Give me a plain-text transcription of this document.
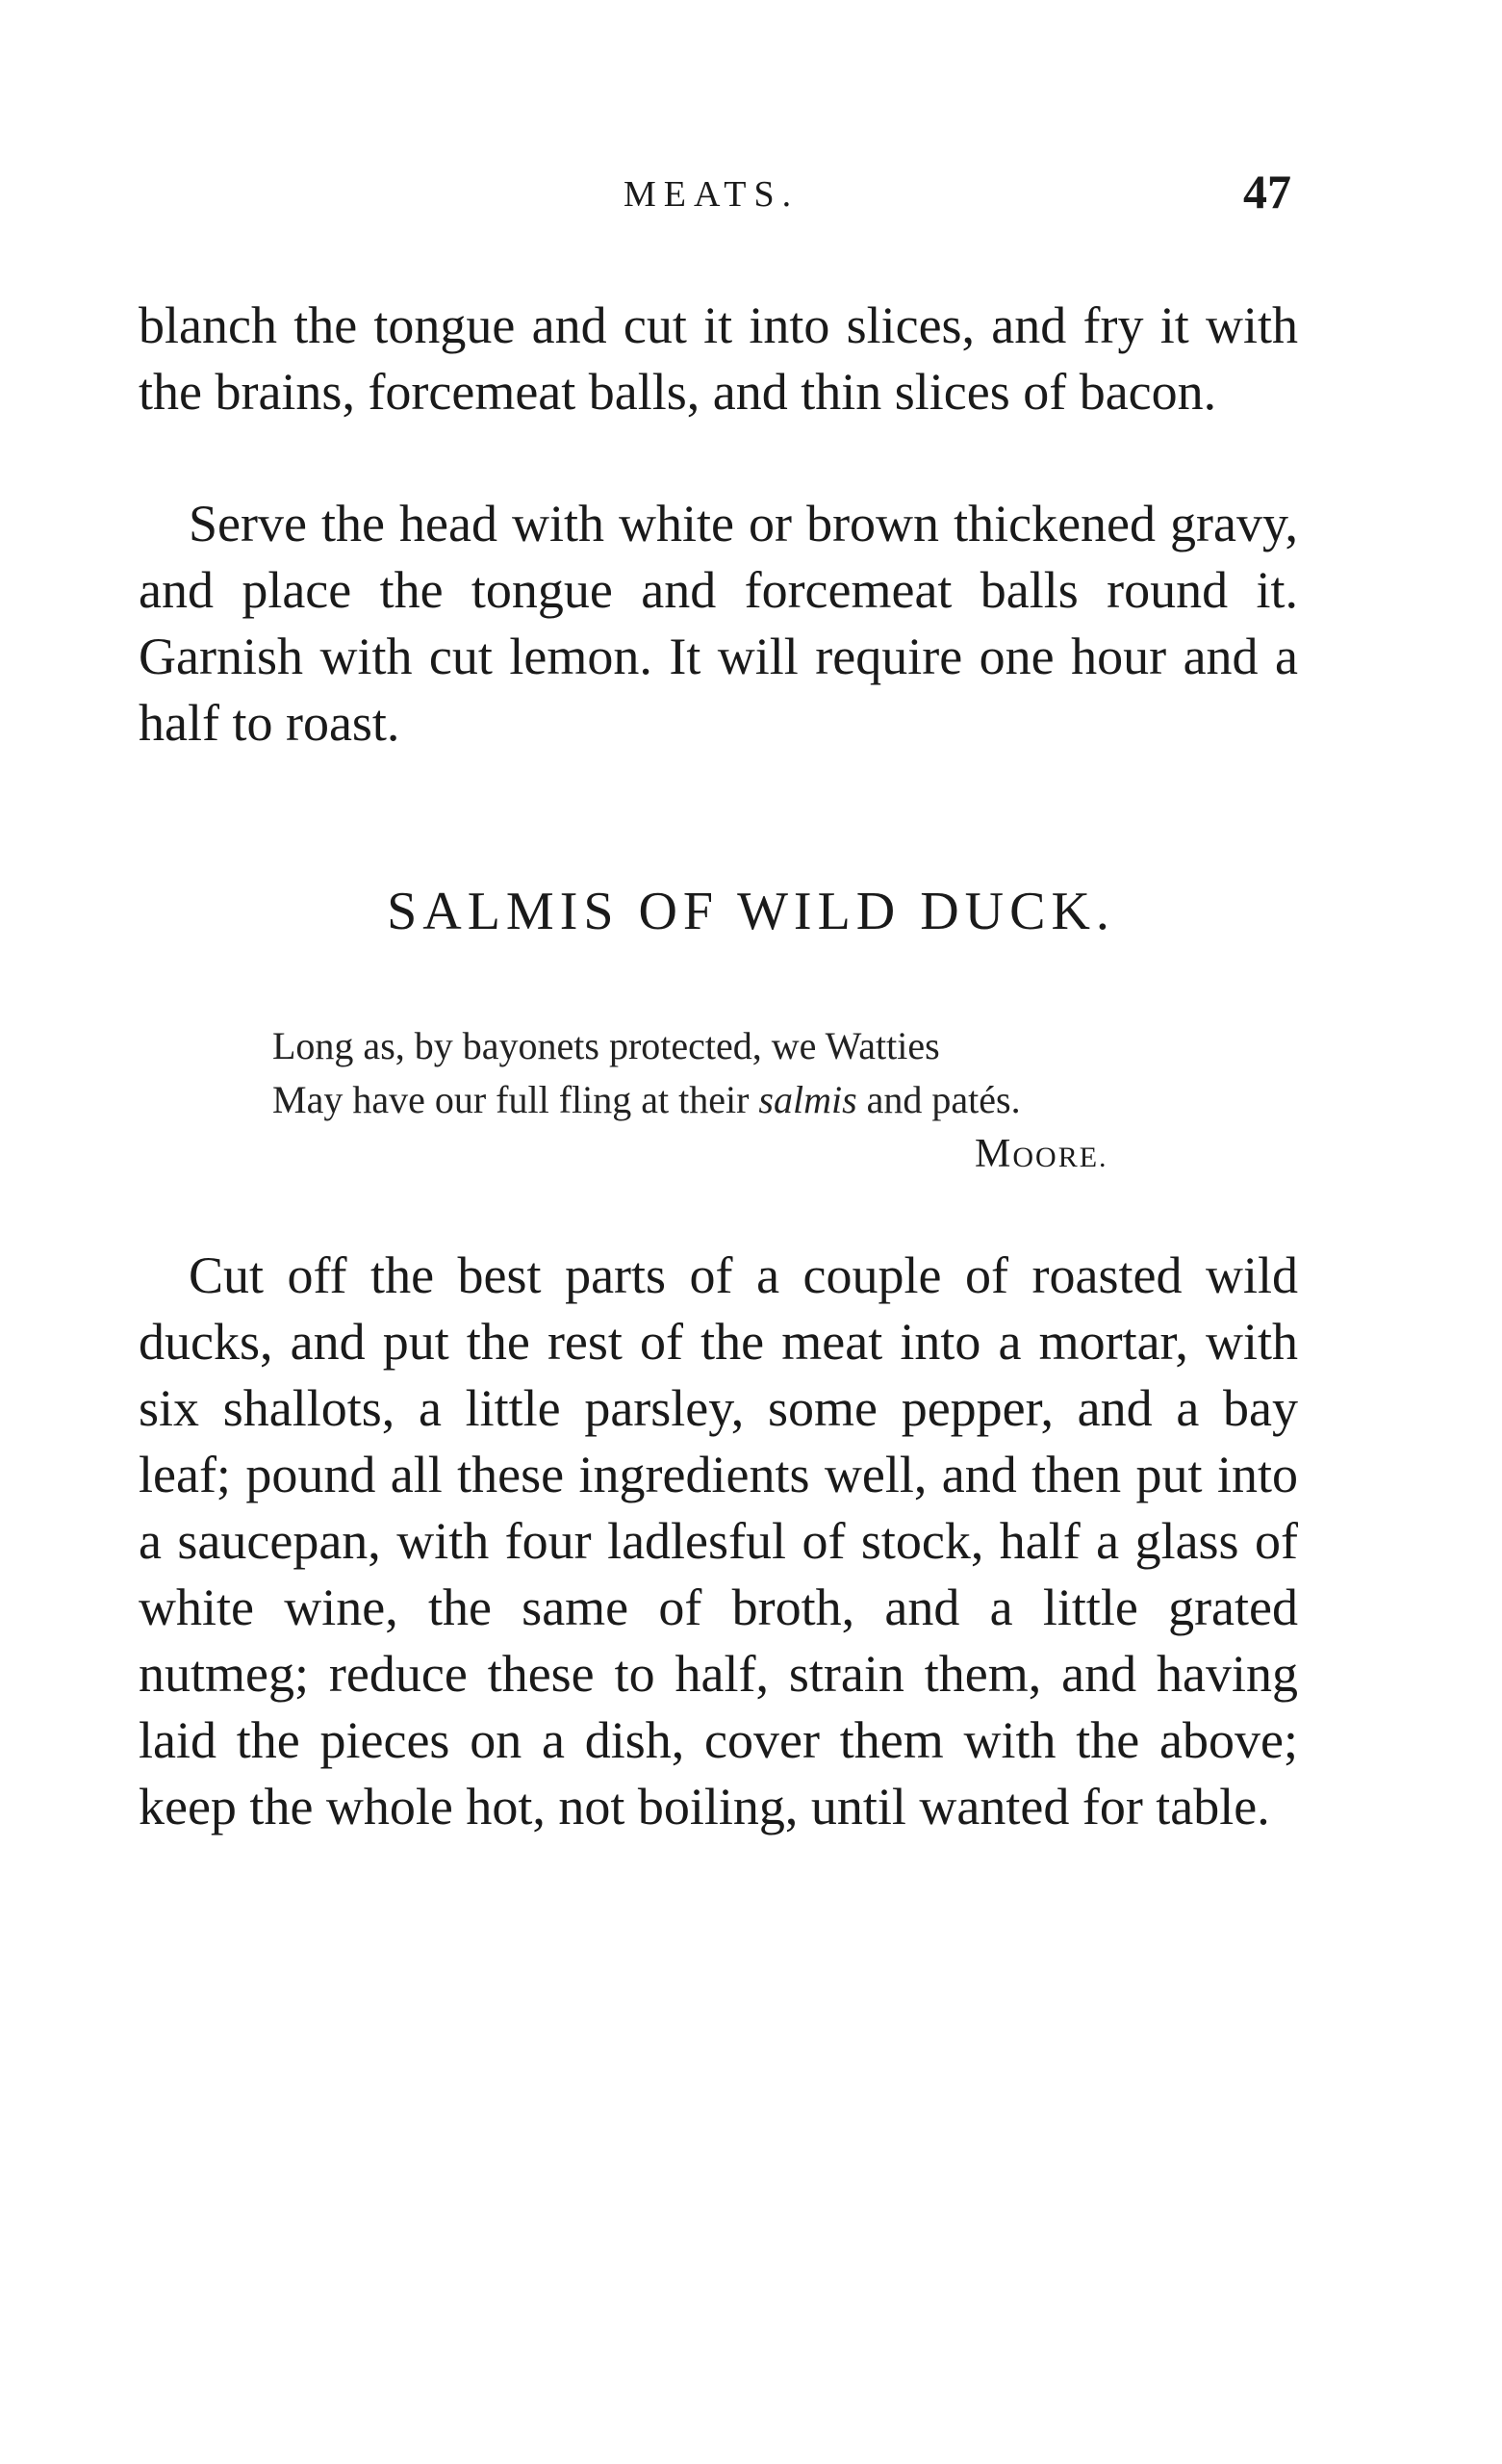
MEATS.	47

blanch the tongue and cut it into slices, and fry it with the brains, forcemeat balls, and thin slices of bacon.

Serve the head with white or brown thickened gravy, and place the tongue and forcemeat balls round it. Garnish with cut lemon. It will require one hour and a half to roast.

SALMIS OF WILD DUCK.
Long as, by bayonets protected, we Watties
May have our full fling at their salmis and patés.
MOORE.

Cut off the best parts of a couple of roasted wild ducks, and put the rest of the meat into a mortar, with six shallots, a little parsley, some pepper, and a bay leaf; pound all these ingredients well, and then put into a saucepan, with four ladlesful of stock, half a glass of white wine, the same of broth, and a little grated nutmeg; reduce these to half, strain them, and having laid the pieces on a dish, cover them with the above; keep the whole hot, not boiling, until wanted for table.
